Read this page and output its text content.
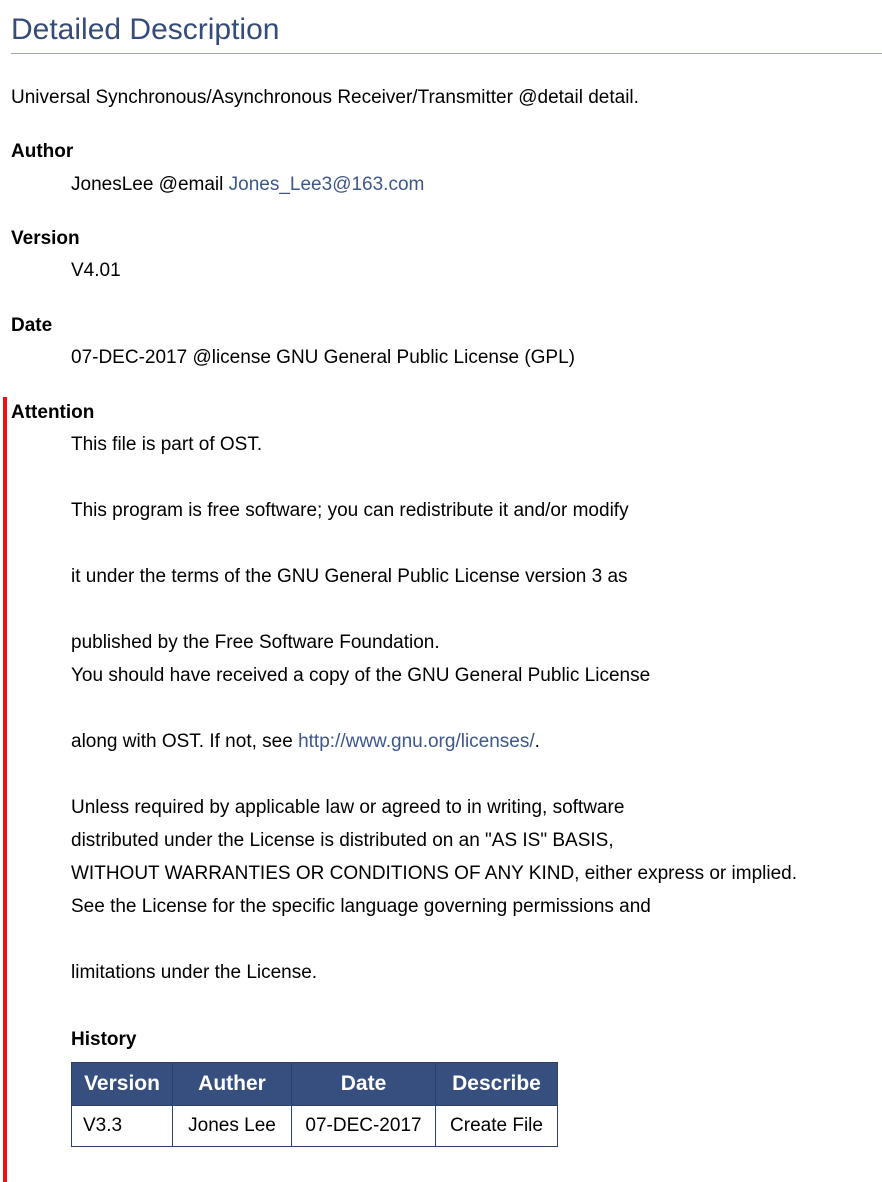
Detailed Description
Universal Synchronous/Asynchronous Receiver/Transmitter @detail detail.
Author
JonesLee @email Jones_Lee3@163.com
Version
V4.01
Date
07-DEC-2017 @license GNU General Public License (GPL)
Attention
This file is part of OST.
This program is free software; you can redistribute it and/or modify
it under the terms of the GNU General Public License version 3 as
published by the Free Software Foundation.
You should have received a copy of the GNU General Public License
along with OST. If not, see http://www.gnu.org/licenses/.
Unless required by applicable law or agreed to in writing, software
distributed under the License is distributed on an "AS IS" BASIS,
WITHOUT WARRANTIES OR CONDITIONS OF ANY KIND, either express or implied.
See the License for the specific language governing permissions and
limitations under the License.
History
Version	Auther	Date	Describe
V3.3	Jones Lee	07-DEC-2017	Create File
